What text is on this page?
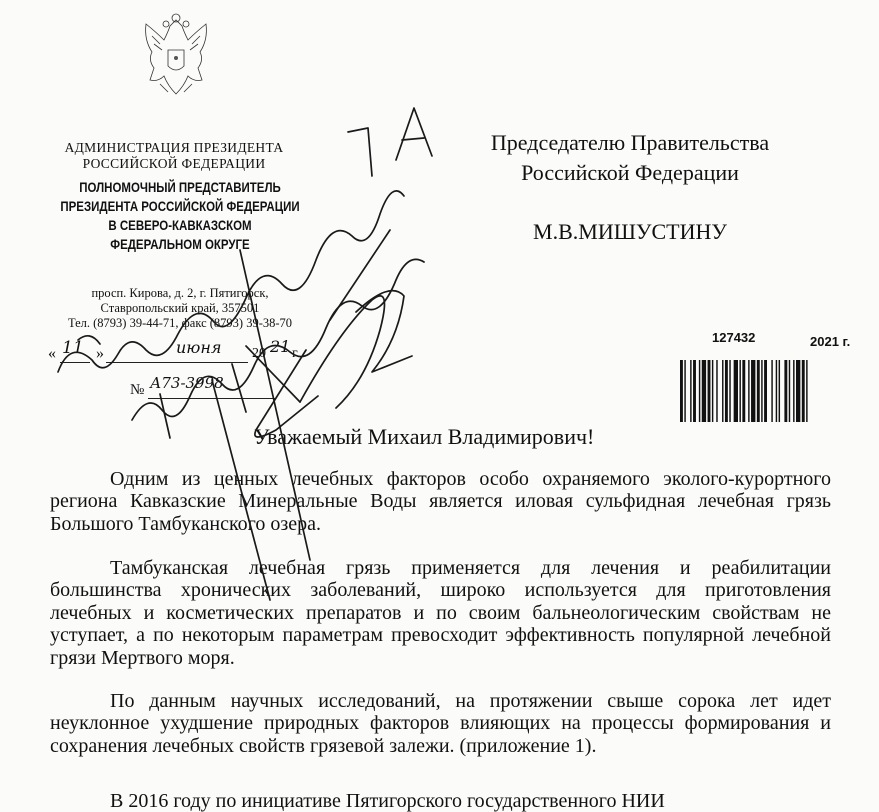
АДМИНИСТРАЦИЯ ПРЕЗИДЕНТА
РОССИЙСКОЙ ФЕДЕРАЦИИ
ПОЛНОМОЧНЫЙ ПРЕДСТАВИТЕЛЬ
ПРЕЗИДЕНТА РОССИЙСКОЙ ФЕДЕРАЦИИ
В СЕВЕРО-КАВКАЗСКОМ
ФЕДЕРАЛЬНОМ ОКРУГЕ
просп. Кирова, д. 2, г. Пятигорск,
Ставропольский край, 357501
Тел. (8793) 39-44-71, факс (8793) 39-38-70
« 11 »	июня 20 21 г.
№ А73-3998
Председателю Правительства
Российской Федерации
М.В.МИШУСТИНУ
127432	2021 г.
Уважаемый Михаил Владимирович!

Одним из ценных лечебных факторов особо охраняемого эколого-курортного региона Кавказские Минеральные Воды является иловая сульфидная лечебная грязь Большого Тамбуканского озера.

Тамбуканская лечебная грязь применяется для лечения и реабилитации большинства хронических заболеваний, широко используется для приготовления лечебных и косметических препаратов и по своим бальнеологическим свойствам не уступает, а по некоторым параметрам превосходит эффективность популярной лечебной грязи Мертвого моря.

По данным научных исследований, на протяжении свыше сорока лет идет неуклонное ухудшение природных факторов влияющих на процессы формирования и сохранения лечебных свойств грязевой залежи. (приложение 1).

В 2016 году по инициативе Пятигорского государственного НИИ
